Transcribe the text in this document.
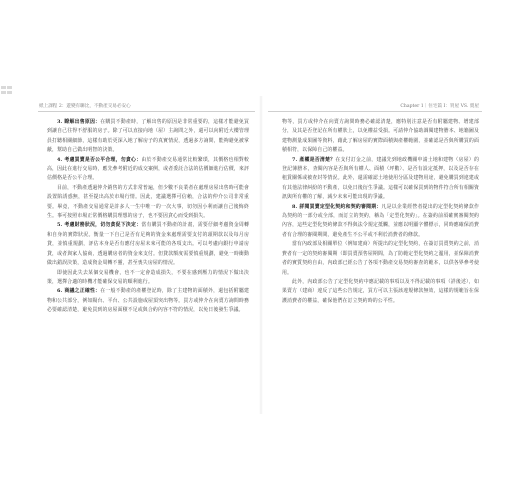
紙上課程 2：遊變有聯比，不動產交易必安心	Chapter 1｜住宅篇 I：買屋 VS. 賣屋

3. 瞭解出售原因：在購買不動產時，了解出售的原因是非常重要的，這樣才能避免買到讓自己往得不舒服的房子。除了可以直接向地（屋）主詢問之外，還可以向附近大樓管理員打聽相關細節，這樣有助於更深入地了解房子的真實情況，透過多方詢問，能夠避免被掌蔽，幫助自己做出明智的決策。

4. 考慮買賣是否公平合理，勿貪心：由於不動產交易通常比較繁瑣，其價格也相對較高，因此在進行交易時，應先參考附近的成交案例，或者委託合法的估價師進行估價，來評估價格是否公平合理。

目前，不動產透過仲介銷售的方式非常普遍，但少數不良業者在處理房屋出售時可能會設置陷誘惑無，甚至提出高於市場行情。因此，建議選擇可信賴，合法的仲介公司非常重要。畢竟，不動產交易通常是許多人一生中唯一的一次大事，切勿因小利而讓自己後悔終生。事可按照市場正常價格購買理想的房子，也不要因貪心而受到損失。

5. 考慮財務狀況，切勿貪促下決定：當有購買不動產的計畫，需要仔細考慮資金周轉和自身的實際狀況。衡量一下自己是否有足夠的資金來處理需要支付的頭期款以及每月房貸，並慎重規劃，評估本身是否有應付房屋未來可能的各項支出。可以考慮向銀行申請房貸，或者與家人協商，透過購房者的資金來支付。但貸款額度需要慎重規劃，避免一時衝動做出錯誤決策，造成資金周轉不靈，甚至喪失房屋的情況。

即使因此失去某個交易機會，也不一定會造成損失，不要在感到壓力的情況下做出決策，選擇合適的時機才能確保交易的順利進行。

6. 商議之正確性：在一般不動產的產權登記時，除了主建物的面積外，還包括附屬建物和公共部分，例如陽台、平台、公共設施或屋頂突出物等。買方或仲介在向賣方詢問時務必要確認清楚，避免買到的房屋面積不足或與合約內容不符的情況，以免日後發生爭議。

物等，買方或仲介在向賣方詢問時務必確認清楚，應特別注意是否有附屬建物、增建部分，及其是否登記在所有權狀上，以免權益受損。可請仲介協助調閱建物謄本、地籍圖及建物測量成果圖等資料，藉此了解房屋的實際面積與產權範圍，並確認是否與所購買的面積相符，以保障自己的權益。

7. 產權是否清楚？在支付訂金之前，建議先到地政機關申請土地和建物（房屋）的登記簿謄本，查閱內容是否與所有權人、面積（坪數）、是否有設定抵押，以及是否存在租賃關係或被查封等情況。此外，還需確認土地使用分區及建物用途，避免購買到違建或有其他法律糾紛的不動產，以免日後衍生爭議。這樣可以確保買到的物件符合所有相關資訊與所有權的了解，減少未來可能出現的爭議。

8. 詳閱買賣定型化契約和契約審閱期：凡是以企業經營者提出的定型化契約條款作為契約的一部分或全部，而訂立的契約，稱為「定型化契約」。在簽約前須確實審閱契約內容，這些定型化契約條款不得與法令規定抵觸，並應以明顯字體標示，同時應確保消費者有合理的審閱期間，避免產生不公平或不利於消費者的條款。

當有內政部及相關單位（例如建商）所提出的定型化契約，在簽訂買賣契約之前，消費者有一定的契約審閱期（即買賣預售屋期間，為了防範定型化契約之濫用，並保障消費者的實質契約自由，內政部已經公告了各項不動產交易契約審查的範本，以供各界參考使用。

此外，內政部公告了定型化契約中應記載的事項以及不得記載的事項（詳後述），如果賣方（建商）違反了這些公告規定，買方可以主張該違規條款無效，這樣的規範旨在保護消費者的權益，確保他們在訂立契約時的公平性。
